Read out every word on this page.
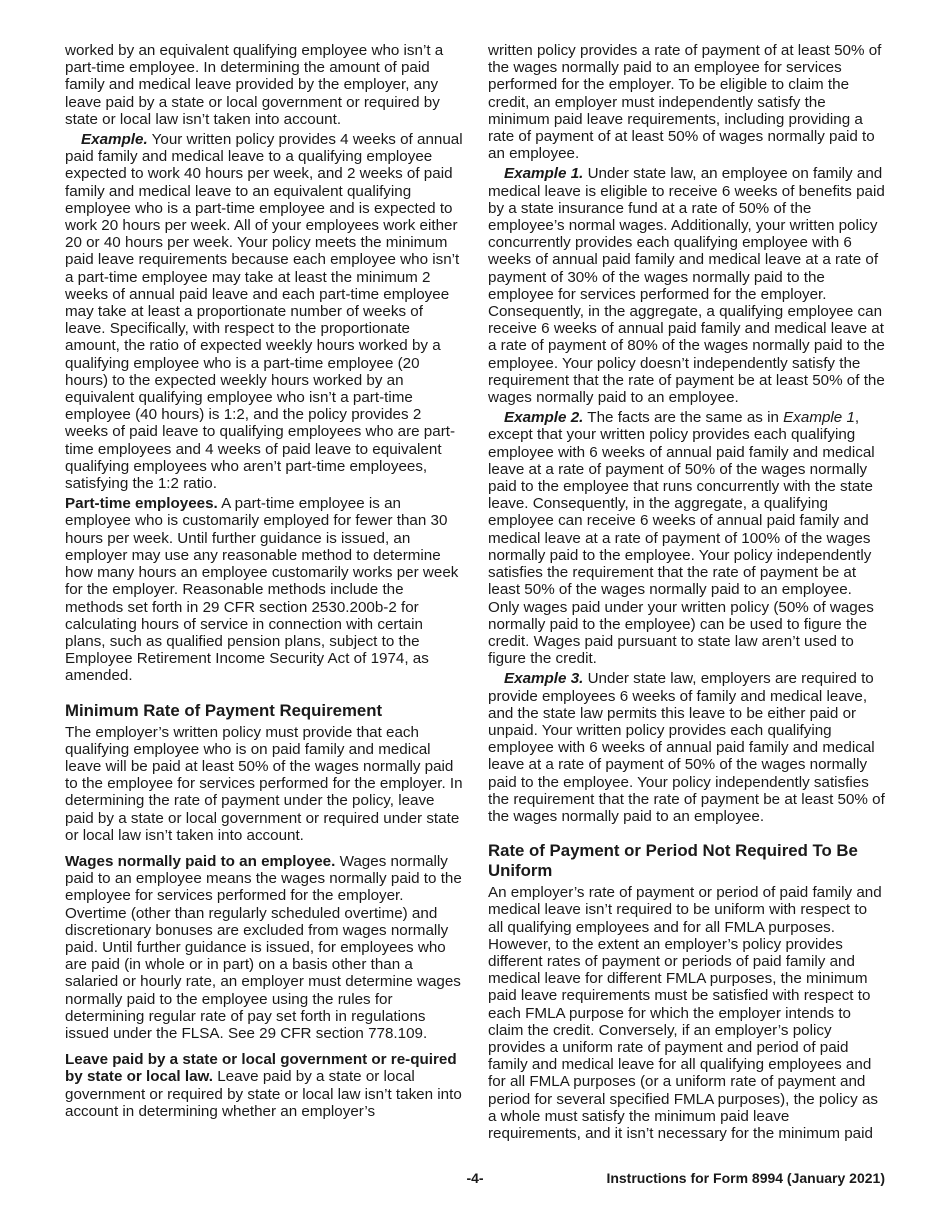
worked by an equivalent qualifying employee who isn’t a part-time employee. In determining the amount of paid family and medical leave provided by the employer, any leave paid by a state or local government or required by state or local law isn’t taken into account.
Example. Your written policy provides 4 weeks of annual paid family and medical leave to a qualifying employee expected to work 40 hours per week, and 2 weeks of paid family and medical leave to an equivalent qualifying employee who is a part-time employee and is expected to work 20 hours per week. All of your employees work either 20 or 40 hours per week. Your policy meets the minimum paid leave requirements because each employee who isn’t a part-time employee may take at least the minimum 2 weeks of annual paid leave and each part-time employee may take at least a proportionate number of weeks of leave. Specifically, with respect to the proportionate amount, the ratio of expected weekly hours worked by a qualifying employee who is a part-time employee (20 hours) to the expected weekly hours worked by an equivalent qualifying employee who isn’t a part-time employee (40 hours) is 1:2, and the policy provides 2 weeks of paid leave to qualifying employees who are part-time employees and 4 weeks of paid leave to equivalent qualifying employees who aren’t part-time employees, satisfying the 1:2 ratio.
Part-time employees. A part-time employee is an employee who is customarily employed for fewer than 30 hours per week. Until further guidance is issued, an employer may use any reasonable method to determine how many hours an employee customarily works per week for the employer. Reasonable methods include the methods set forth in 29 CFR section 2530.200b-2 for calculating hours of service in connection with certain plans, such as qualified pension plans, subject to the Employee Retirement Income Security Act of 1974, as amended.
Minimum Rate of Payment Requirement
The employer’s written policy must provide that each qualifying employee who is on paid family and medical leave will be paid at least 50% of the wages normally paid to the employee for services performed for the employer. In determining the rate of payment under the policy, leave paid by a state or local government or required under state or local law isn’t taken into account.
Wages normally paid to an employee. Wages normally paid to an employee means the wages normally paid to the employee for services performed for the employer. Overtime (other than regularly scheduled overtime) and discretionary bonuses are excluded from wages normally paid. Until further guidance is issued, for employees who are paid (in whole or in part) on a basis other than a salaried or hourly rate, an employer must determine wages normally paid to the employee using the rules for determining regular rate of pay set forth in regulations issued under the FLSA. See 29 CFR section 778.109.
Leave paid by a state or local government or re-quired by state or local law. Leave paid by a state or local government or required by state or local law isn’t taken into account in determining whether an employer’s
written policy provides a rate of payment of at least 50% of the wages normally paid to an employee for services performed for the employer. To be eligible to claim the credit, an employer must independently satisfy the minimum paid leave requirements, including providing a rate of payment of at least 50% of wages normally paid to an employee.
Example 1. Under state law, an employee on family and medical leave is eligible to receive 6 weeks of benefits paid by a state insurance fund at a rate of 50% of the employee’s normal wages. Additionally, your written policy concurrently provides each qualifying employee with 6 weeks of annual paid family and medical leave at a rate of payment of 30% of the wages normally paid to the employee for services performed for the employer. Consequently, in the aggregate, a qualifying employee can receive 6 weeks of annual paid family and medical leave at a rate of payment of 80% of the wages normally paid to the employee. Your policy doesn’t independently satisfy the requirement that the rate of payment be at least 50% of the wages normally paid to an employee.
Example 2. The facts are the same as in Example 1, except that your written policy provides each qualifying employee with 6 weeks of annual paid family and medical leave at a rate of payment of 50% of the wages normally paid to the employee that runs concurrently with the state leave. Consequently, in the aggregate, a qualifying employee can receive 6 weeks of annual paid family and medical leave at a rate of payment of 100% of the wages normally paid to the employee. Your policy independently satisfies the requirement that the rate of payment be at least 50% of the wages normally paid to an employee. Only wages paid under your written policy (50% of wages normally paid to the employee) can be used to figure the credit. Wages paid pursuant to state law aren’t used to figure the credit.
Example 3. Under state law, employers are required to provide employees 6 weeks of family and medical leave, and the state law permits this leave to be either paid or unpaid. Your written policy provides each qualifying employee with 6 weeks of annual paid family and medical leave at a rate of payment of 50% of the wages normally paid to the employee. Your policy independently satisfies the requirement that the rate of payment be at least 50% of the wages normally paid to an employee.
Rate of Payment or Period Not Required To Be Uniform
An employer’s rate of payment or period of paid family and medical leave isn’t required to be uniform with respect to all qualifying employees and for all FMLA purposes. However, to the extent an employer’s policy provides different rates of payment or periods of paid family and medical leave for different FMLA purposes, the minimum paid leave requirements must be satisfied with respect to each FMLA purpose for which the employer intends to claim the credit. Conversely, if an employer’s policy provides a uniform rate of payment and period of paid family and medical leave for all qualifying employees and for all FMLA purposes (or a uniform rate of payment and period for several specified FMLA purposes), the policy as a whole must satisfy the minimum paid leave requirements, and it isn’t necessary for the minimum paid
-4-	Instructions for Form 8994 (January 2021)
